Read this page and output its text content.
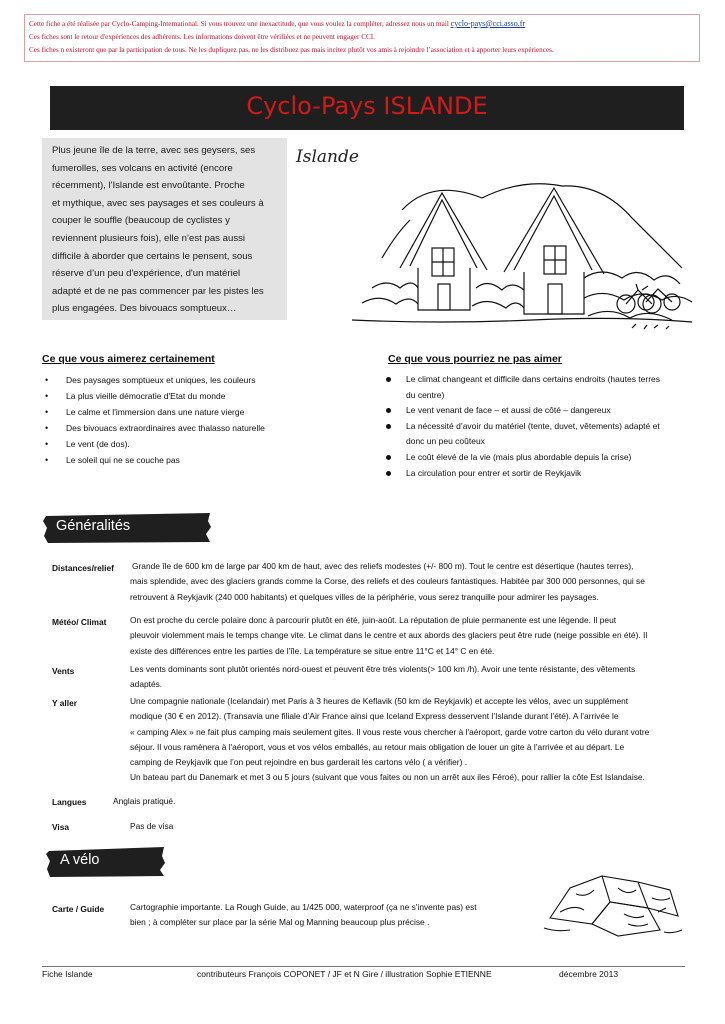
Cette fiche a été réalisée par Cyclo-Camping-International. Si vous trouvez une inexactitude, que vous voulez la compléter, adressez nous un mail cyclo-pays@cci.asso.fr
Ces fiches sont le retour d'expériences des adhérents. Les informations doivent être vérifiées et ne peuvent engager CCI.
Ces fiches n existeront que par la participation de tous. Ne les dupliquez pas, ne les distribuez pas mais incitez plutôt vos amis à rejoindre l’association et à apporter leurs expériences.
Cyclo-Pays ISLANDE
Plus jeune île de la terre, avec ses geysers, ses
fumerolles, ses volcans en activité (encore
récemment), l'Islande est envoûtante. Proche
et mythique, avec ses paysages et ses couleurs à
couper le souffle (beaucoup de cyclistes y
reviennent plusieurs fois), elle n’est pas aussi
difficile à aborder que certains le pensent, sous
réserve d’un peu d'expérience, d'un matériel
adapté et de ne pas commencer par les pistes les
plus engagées. Des bivouacs somptueux…
Islande
Ce que vous aimerez certainement
• Des paysages somptueux et uniques, les couleurs
• La plus vieille démocratie d'Etat du monde
• Le calme et l'immersion dans une nature vierge
• Des bivouacs extraordinaires avec thalasso naturelle
• Le vent (de dos).
• Le soleil qui ne se couche pas
Ce que vous pourriez ne pas aimer
Le climat changeant et difficile dans certains endroits (hautes terres
du centre)
Le vent venant de face – et aussi de côté – dangereux
La nécessité d’avoir du matériel (tente, duvet, vêtements) adapté et
donc un peu coûteux
Le coût élevé de la vie (mais plus abordable depuis la crise)
La circulation pour entrer et sortir de Reykjavik
Généralités
Distances/relief Grande île de 600 km de large par 400 km de haut, avec des reliefs modestes (+/- 800 m). Tout le centre est désertique (hautes terres),
mais splendide, avec des glaciers grands comme la Corse, des reliefs et des couleurs fantastiques. Habitée par 300 000 personnes, qui se
retrouvent à Reykjavik (240 000 habitants) et quelques villes de la périphérie, vous serez tranquille pour admirer les paysages.
Météo/ Climat	On est proche du cercle polaire donc à parcourir plutôt en été, juin-août. La réputation de pluie permanente est une légende. Il peut
pleuvoir violemment mais le temps change vite. Le climat dans le centre et aux abords des glaciers peut être rude (neige possible en été). Il
existe des différences entre les parties de l’île. La température se situe entre 11°C et 14° C en été.
Vents	Les vents dominants sont plutôt orientés nord-ouest et peuvent être très violents(> 100 km /h). Avoir une tente résistante, des vêtements
adaptés.
Y aller	Une compagnie nationale (Icelandair) met Paris à 3 heures de Keflavik (50 km de Reykjavik) et accepte les vélos, avec un supplément
modique (30 € en 2012). (Transavia une filiale d’Air France ainsi que Iceland Express desservent l’Islande durant l’été). A l’arrivée le
« camping Alex » ne fait plus camping mais seulement gites. Il vous reste vous chercher à l'aéroport, garde votre carton du vélo durant votre
séjour. Il vous ramènera à l'aéroport, vous et vos vélos emballés, au retour mais obligation de louer un gite à l’arrivée et au départ. Le
camping de Reykjavik que l’on peut rejoindre en bus garderait les cartons vélo ( a vérifier) .
Un bateau part du Danemark et met 3 ou 5 jours (suivant que vous faites ou non un arrêt aux iles Féroé), pour rallier la côte Est Islandaise.
Langues	Anglais pratiqué.
Visa	Pas de visa
A vélo
Carte / Guide	Cartographie importante. La Rough Guide, au 1/425 000, waterproof (ça ne s'invente pas) est
bien ; à compléter sur place par la série Mal og Manning beaucoup plus précise .
Fiche Islande	contributeurs François COPONET / JF et N Gire / illustration Sophie ETIENNE	décembre 2013
